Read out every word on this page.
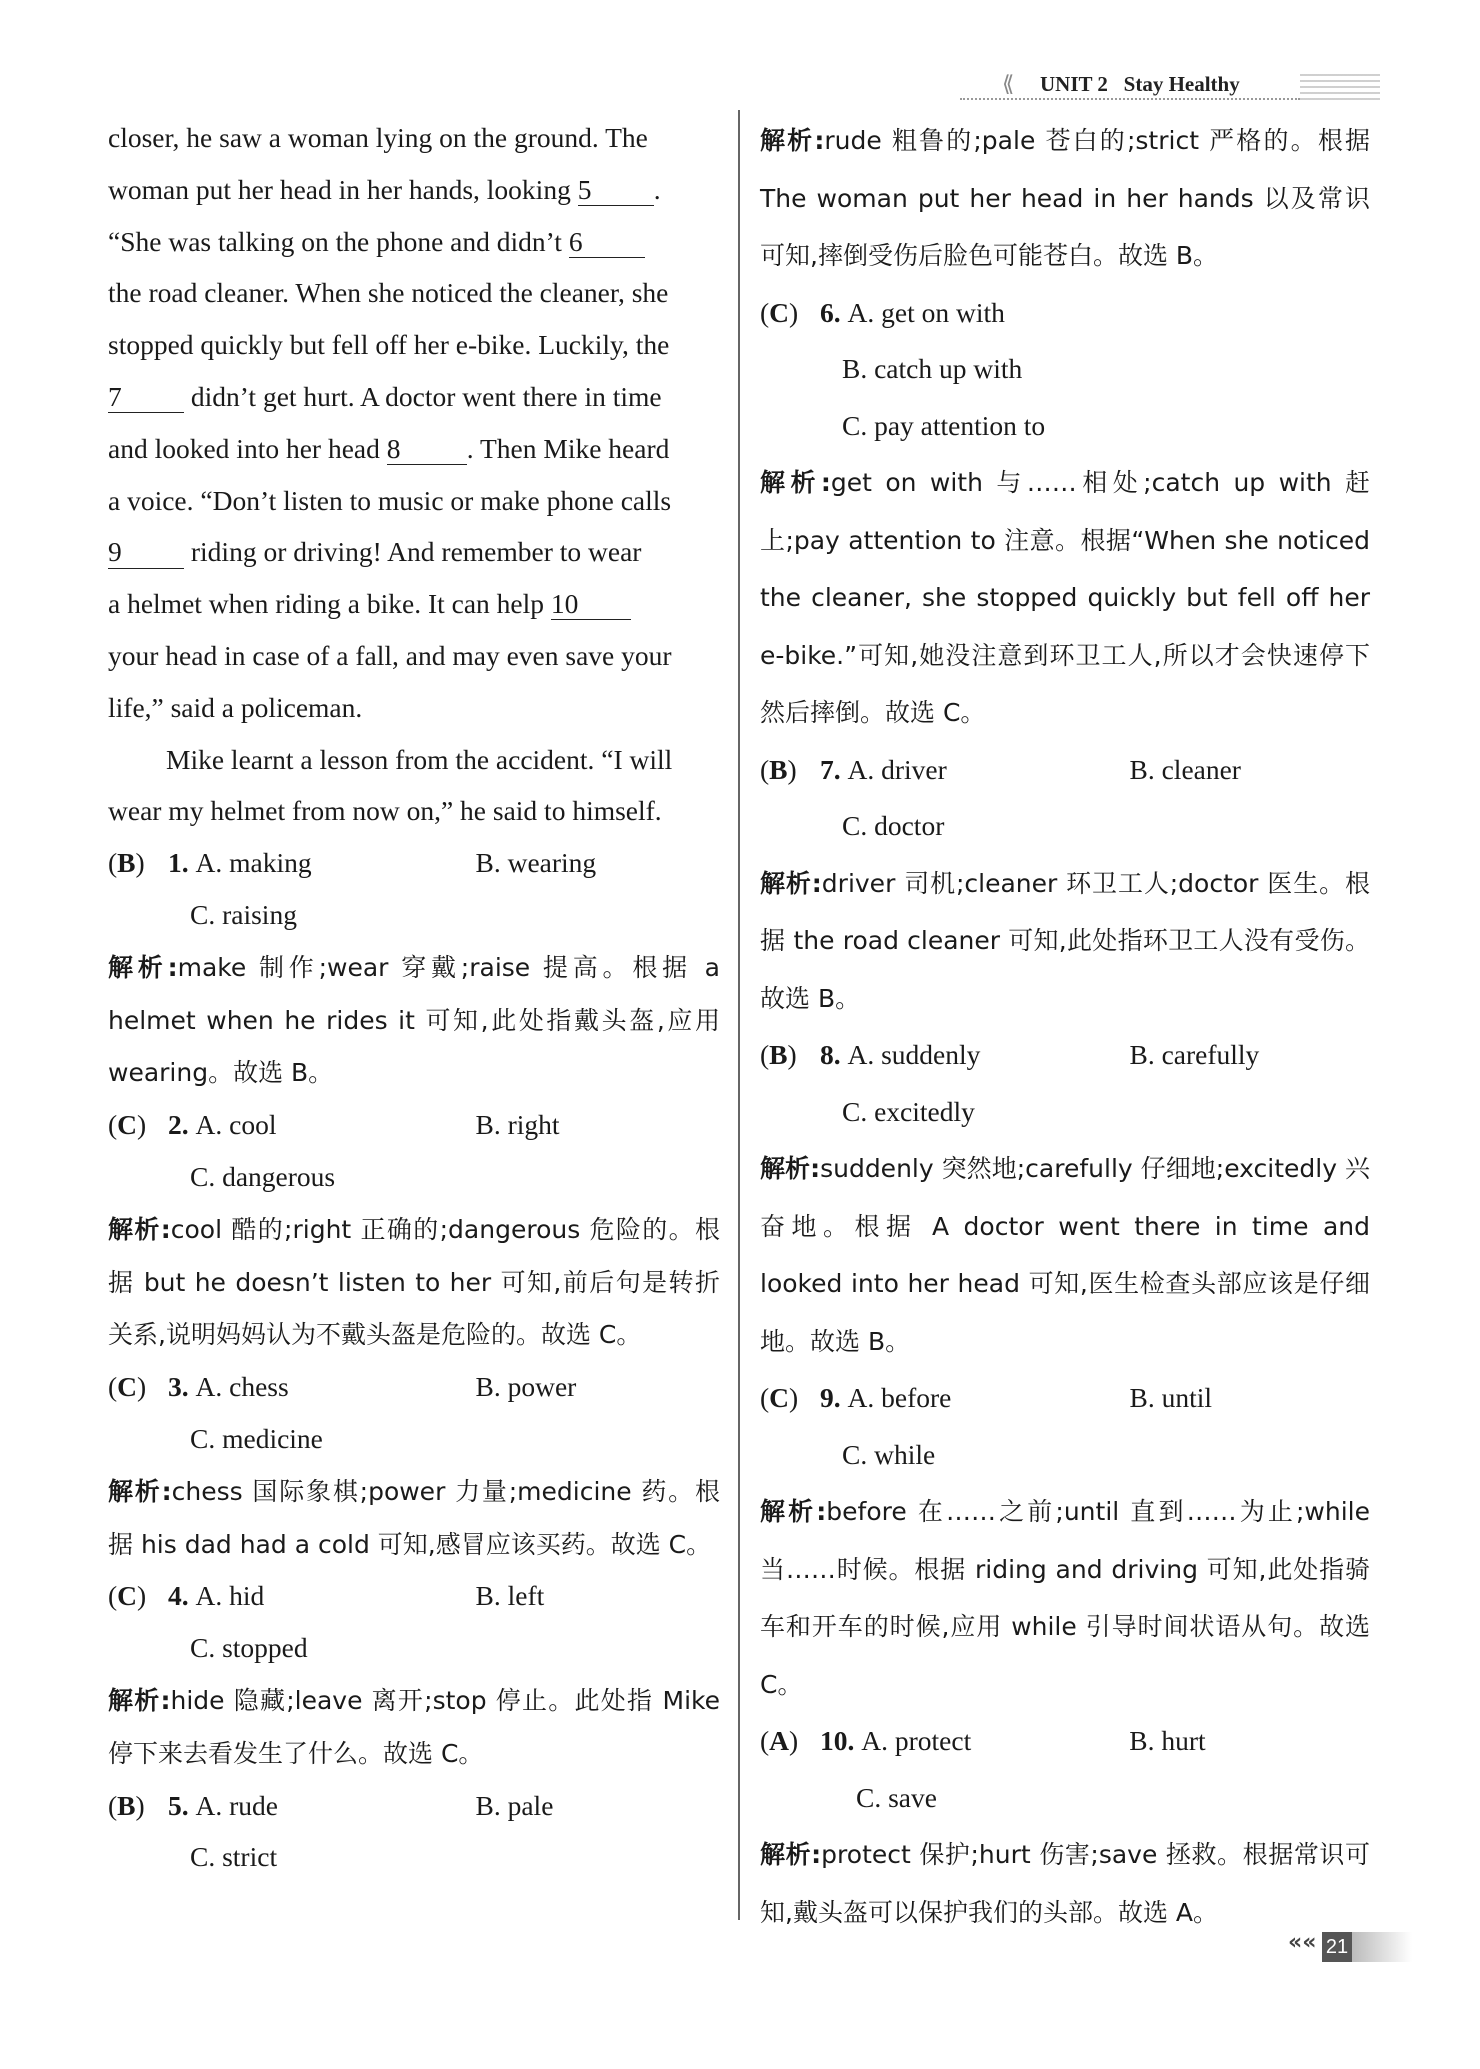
⟪ UNIT 2 Stay Healthy
closer, he saw a woman lying on the ground. The
woman put her head in her hands, looking 5 .
“She was talking on the phone and didn’t 6
the road cleaner. When she noticed the cleaner, she
stopped quickly but fell off her e-bike. Luckily, the
7	didn’t get hurt. A doctor went there in time
and looked into her head 8 . Then Mike heard
a voice. “Don’t listen to music or make phone calls
9	riding or driving! And remember to wear
a helmet when riding a bike. It can help 10
your head in case of a fall, and may even save your
life,” said a policeman.
Mike learnt a lesson from the accident. “I will
wear my helmet from now on,” he said to himself.
(B) 1.
A. making	B. wearing
C. raising
解析:make 制作;wear 穿戴;raise 提高。根据 a helmet when he rides it 可知,此处指戴头盔,应用 wearing。故选 B。
(C) 2.
A. cool	B. right
C. dangerous
解析:cool 酷的;right 正确的;dangerous 危险的。根据 but he doesn’t listen to her 可知,前后句是转折关系,说明妈妈认为不戴头盔是危险的。故选 C。
(C) 3.
A. chess	B. power
C. medicine
解析:chess 国际象棋;power 力量;medicine 药。根据 his dad had a cold 可知,感冒应该买药。故选 C。
(C) 4.
A. hid	B. left
C. stopped
解析:hide 隐藏;leave 离开;stop 停止。此处指 Mike 停下来去看发生了什么。故选 C。
(B) 5.
A. rude	B. pale
C. strict
解析:rude 粗鲁的;pale 苍白的;strict 严格的。根据 The woman put her head in her hands 以及常识可知,摔倒受伤后脸色可能苍白。故选 B。
(C) 6.
A. get on with
B. catch up with
C. pay attention to
解析:get on with 与……相处;catch up with 赶上;pay attention to 注意。根据“When she noticed the cleaner, she stopped quickly but fell off her e-bike.”可知,她没注意到环卫工人,所以才会快速停下然后摔倒。故选 C。
(B) 7.
A. driver	B. cleaner
C. doctor
解析:driver 司机;cleaner 环卫工人;doctor 医生。根据 the road cleaner 可知,此处指环卫工人没有受伤。故选 B。
(B) 8.
A. suddenly	B. carefully
C. excitedly
解析:suddenly 突然地;carefully 仔细地;excitedly 兴奋地。根据 A doctor went there in time and looked into her head 可知,医生检查头部应该是仔细地。故选 B。
(C) 9.
A. before	B. until
C. while
解析:before 在……之前;until 直到……为止;while 当……时候。根据 riding and driving 可知,此处指骑车和开车的时候,应用 while 引导时间状语从句。故选 C。
(A) 10.
A. protect	B. hurt
C. save
解析:protect 保护;hurt 伤害;save 拯救。根据常识可知,戴头盔可以保护我们的头部。故选 A。
«« 21
